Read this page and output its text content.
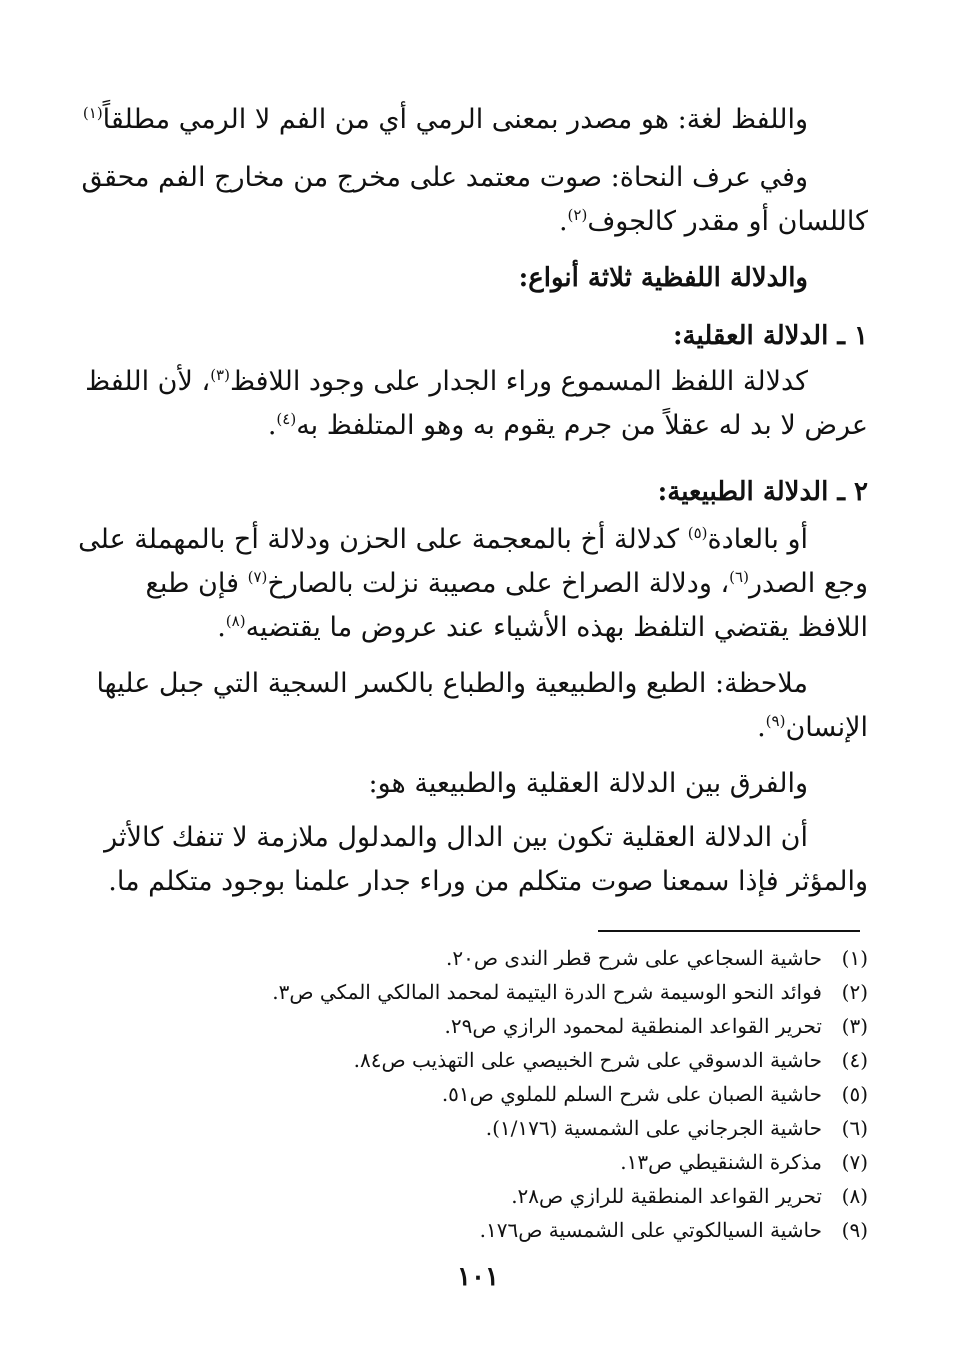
واللفظ لغة: هو مصدر بمعنى الرمي أي من الفم لا الرمي مطلقاً$^{(١)}$
وفي عرف النحاة: صوت معتمد على مخرج من مخارج الفم محقق
كاللسان أو مقدر كالجوف$^{(٢)}$.
والدلالة اللفظية ثلاثة أنواع:
١ ـ الدلالة العقلية:
كدلالة اللفظ المسموع وراء الجدار على وجود اللافظ$^{(٣)}$، لأن اللفظ
عرض لا بد له عقلاً من جرم يقوم به وهو المتلفظ به$^{(٤)}$.
٢ ـ الدلالة الطبيعية:
أو بالعادة$^{(٥)}$ كدلالة أخ بالمعجمة على الحزن ودلالة أح بالمهملة على
وجع الصدر$^{(٦)}$، ودلالة الصراخ على مصيبة نزلت بالصارخ$^{(٧)}$ فإن طبع
اللافظ يقتضي التلفظ بهذه الأشياء عند عروض ما يقتضيه$^{(٨)}$.
ملاحظة: الطبع والطبيعية والطباع بالكسر السجية التي جبل عليها
الإنسان$^{(٩)}$.
والفرق بين الدلالة العقلية والطبيعية هو:
أن الدلالة العقلية تكون بين الدال والمدلول ملازمة لا تنفك كالأثر
والمؤثر فإذا سمعنا صوت متكلم من وراء جدار علمنا بوجود متكلم ما.
(١)حاشية السجاعي على شرح قطر الندى ص٢٠.
(٢)فوائد النحو الوسيمة شرح الدرة اليتيمة لمحمد المالكي المكي ص٣.
(٣)تحرير القواعد المنطقية لمحمود الرازي ص٢٩.
(٤)حاشية الدسوقي على شرح الخبيصي على التهذيب ص٨٤.
(٥)حاشية الصبان على شرح السلم للملوي ص٥١.
(٦)حاشية الجرجاني على الشمسية (١/١٧٦).
(٧)مذكرة الشنقيطي ص١٣.
(٨)تحرير القواعد المنطقية للرازي ص٢٨.
(٩)حاشية السيالكوتي على الشمسية ص١٧٦.
١٠١
